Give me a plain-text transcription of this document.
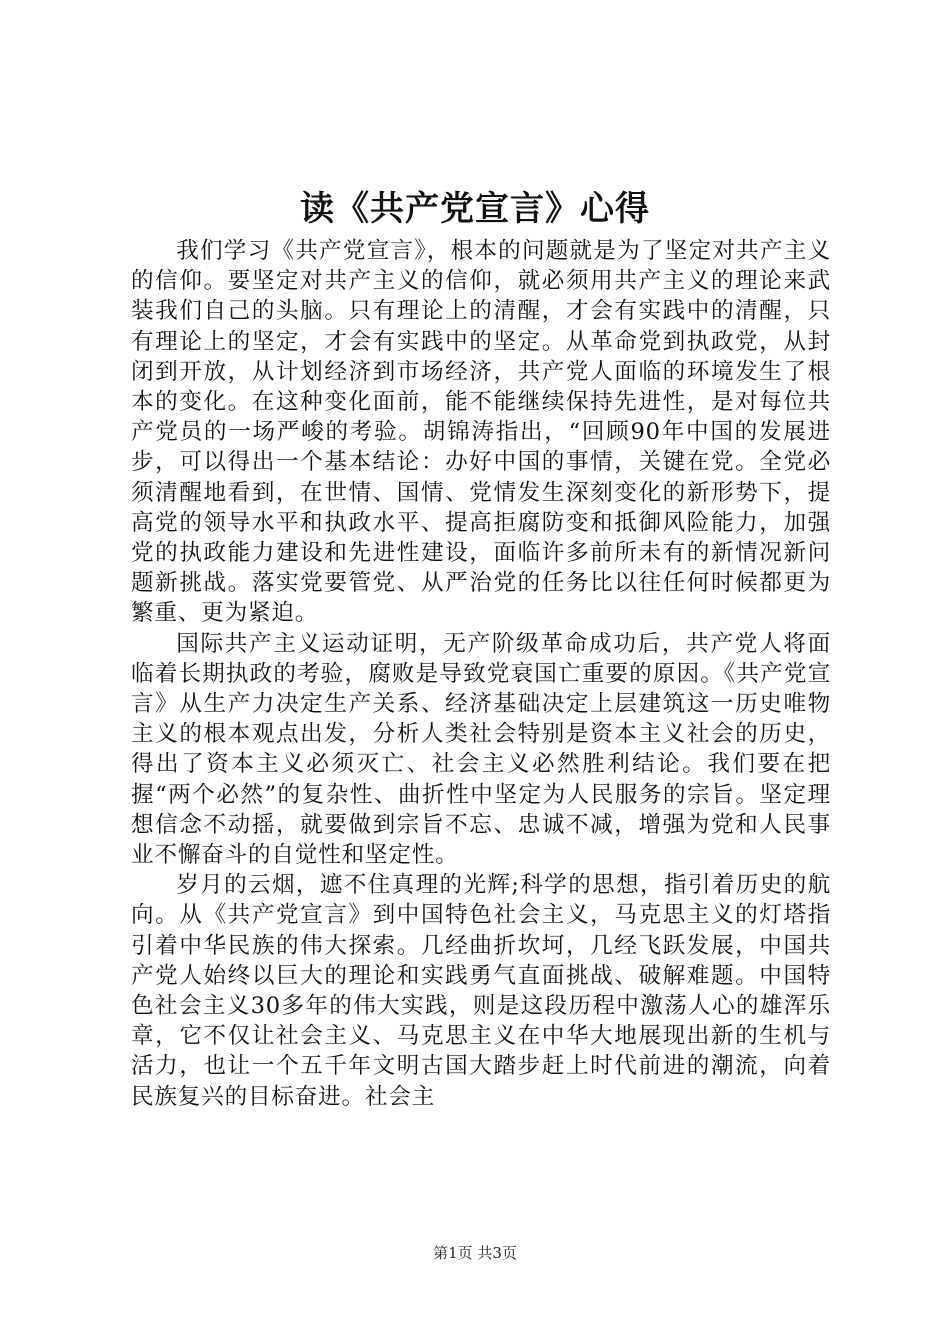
读《共产党宣言》心得

我们学习《共产党宣言》，根本的问题就是为了坚定对共产主义的信仰。要坚定对共产主义的信仰，就必须用共产主义的理论来武装我们自己的头脑。只有理论上的清醒，才会有实践中的清醒，只有理论上的坚定，才会有实践中的坚定。从革命党到执政党，从封闭到开放，从计划经济到市场经济，共产党人面临的环境发生了根本的变化。在这种变化面前，能不能继续保持先进性，是对每位共产党员的一场严峻的考验。胡锦涛指出，“回顾90年中国的发展进步，可以得出一个基本结论：办好中国的事情，关键在党。全党必须清醒地看到，在世情、国情、党情发生深刻变化的新形势下，提高党的领导水平和执政水平、提高拒腐防变和抵御风险能力，加强党的执政能力建设和先进性建设，面临许多前所未有的新情况新问题新挑战。落实党要管党、从严治党的任务比以往任何时候都更为繁重、更为紧迫。

国际共产主义运动证明，无产阶级革命成功后，共产党人将面临着长期执政的考验，腐败是导致党衰国亡重要的原因。《共产党宣言》从生产力决定生产关系、经济基础决定上层建筑这一历史唯物主义的根本观点出发，分析人类社会特别是资本主义社会的历史，得出了资本主义必须灭亡、社会主义必然胜利结论。我们要在把握“两个必然”的复杂性、曲折性中坚定为人民服务的宗旨。坚定理想信念不动摇，就要做到宗旨不忘、忠诚不减，增强为党和人民事业不懈奋斗的自觉性和坚定性。

岁月的云烟，遮不住真理的光辉;科学的思想，指引着历史的航向。从《共产党宣言》到中国特色社会主义，马克思主义的灯塔指引着中华民族的伟大探索。几经曲折坎坷，几经飞跃发展，中国共产党人始终以巨大的理论和实践勇气直面挑战、破解难题。中国特色社会主义30多年的伟大实践，则是这段历程中激荡人心的雄浑乐章，它不仅让社会主义、马克思主义在中华大地展现出新的生机与活力，也让一个五千年文明古国大踏步赶上时代前进的潮流，向着民族复兴的目标奋进。社会主

第1页 共3页
